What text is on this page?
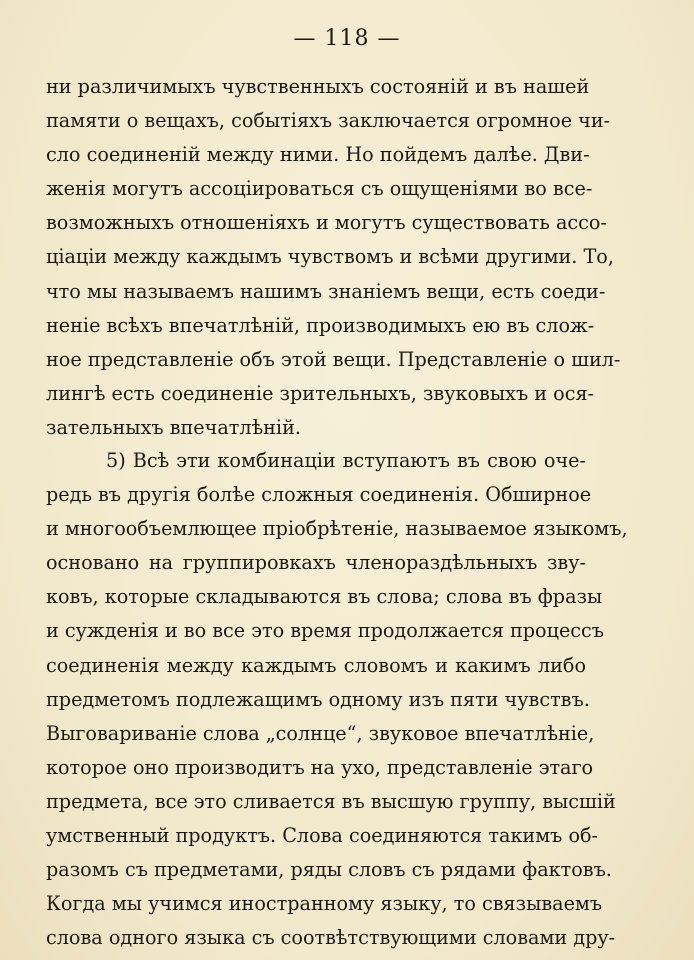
— 118 —
ни различимыхъ чувственныхъ состояній и въ нашей
памяти о вещахъ, событіяхъ заключается огромное чи-
сло соединеній между ними. Но пойдемъ далѣе. Дви-
женія могутъ ассоціироваться съ ощущеніями во все-
возможныхъ отношеніяхъ и могутъ существовать ассо-
ціаціи между каждымъ чувствомъ и всѣми другими. То,
что мы называемъ нашимъ знаніемъ вещи, есть соеди-
неніе всѣхъ впечатлѣній, производимыхъ ею въ слож-
ное представленіе объ этой вещи. Представленіе о шил-
лингѣ есть соединеніе зрительныхъ, звуковыхъ и ося-
зательныхъ впечатлѣній.
5) Всѣ эти комбинаціи вступаютъ въ свою оче-
редь въ другія болѣе сложныя соединенія. Обширное
и многообъемлющее пріобрѣтеніе, называемое языкомъ,
основано на группировкахъ членораздѣльныхъ зву-
ковъ, которые складываются въ слова; слова въ фразы
и сужденія и во все это время продолжается процессъ
соединенія между каждымъ словомъ и какимъ либо
предметомъ подлежащимъ одному изъ пяти чувствъ.
Выговариваніе слова „солнце“, звуковое впечатлѣніе,
которое оно производитъ на ухо, представленіе этаго
предмета, все это сливается въ высшую группу, высшій
умственный продуктъ. Слова соединяются такимъ об-
разомъ съ предметами, ряды словъ съ рядами фактовъ.
Когда мы учимся иностранному языку, то связываемъ
слова одного языка съ соотвѣтствующими словами дру-
